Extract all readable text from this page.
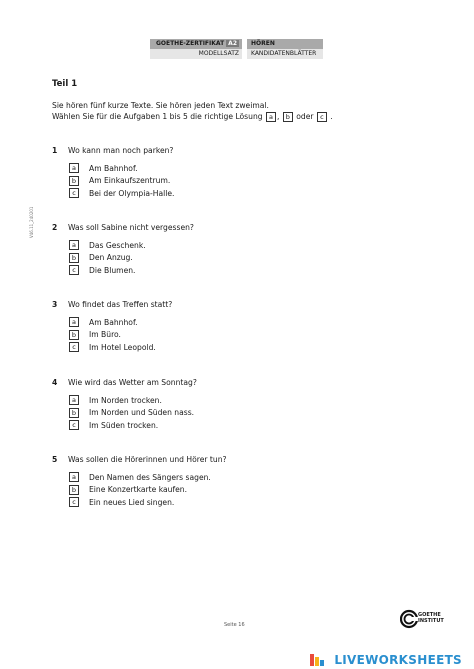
GOETHE-ZERTIFIKAT A2	HÖREN
MODELLSATZ	KANDIDATENBLÄTTER
V46.11_240201
Teil 1
Sie hören fünf kurze Texte. Sie hören jeden Text zweimal.
Wählen Sie für die Aufgaben 1 bis 5 die richtige Lösung a , b oder c .
1 Wo kann man noch parken?
a	Am Bahnhof.
b	Am Einkaufszentrum.
c	Bei der Olympia-Halle.
2 Was soll Sabine nicht vergessen?
a	Das Geschenk.
b	Den Anzug.
c	Die Blumen.
3 Wo findet das Treffen statt?
a	Am Bahnhof.
b	Im Büro.
c	Im Hotel Leopold.
4 Wie wird das Wetter am Sonntag?
a	Im Norden trocken.
b	Im Norden und Süden nass.
c	Im Süden trocken.
5 Was sollen die Hörerinnen und Hörer tun?
a	Den Namen des Sängers sagen.
b	Eine Konzertkarte kaufen.
c	Ein neues Lied singen.
Seite 16
GOETHE
INSTITUT
LIVEWORKSHEETS
